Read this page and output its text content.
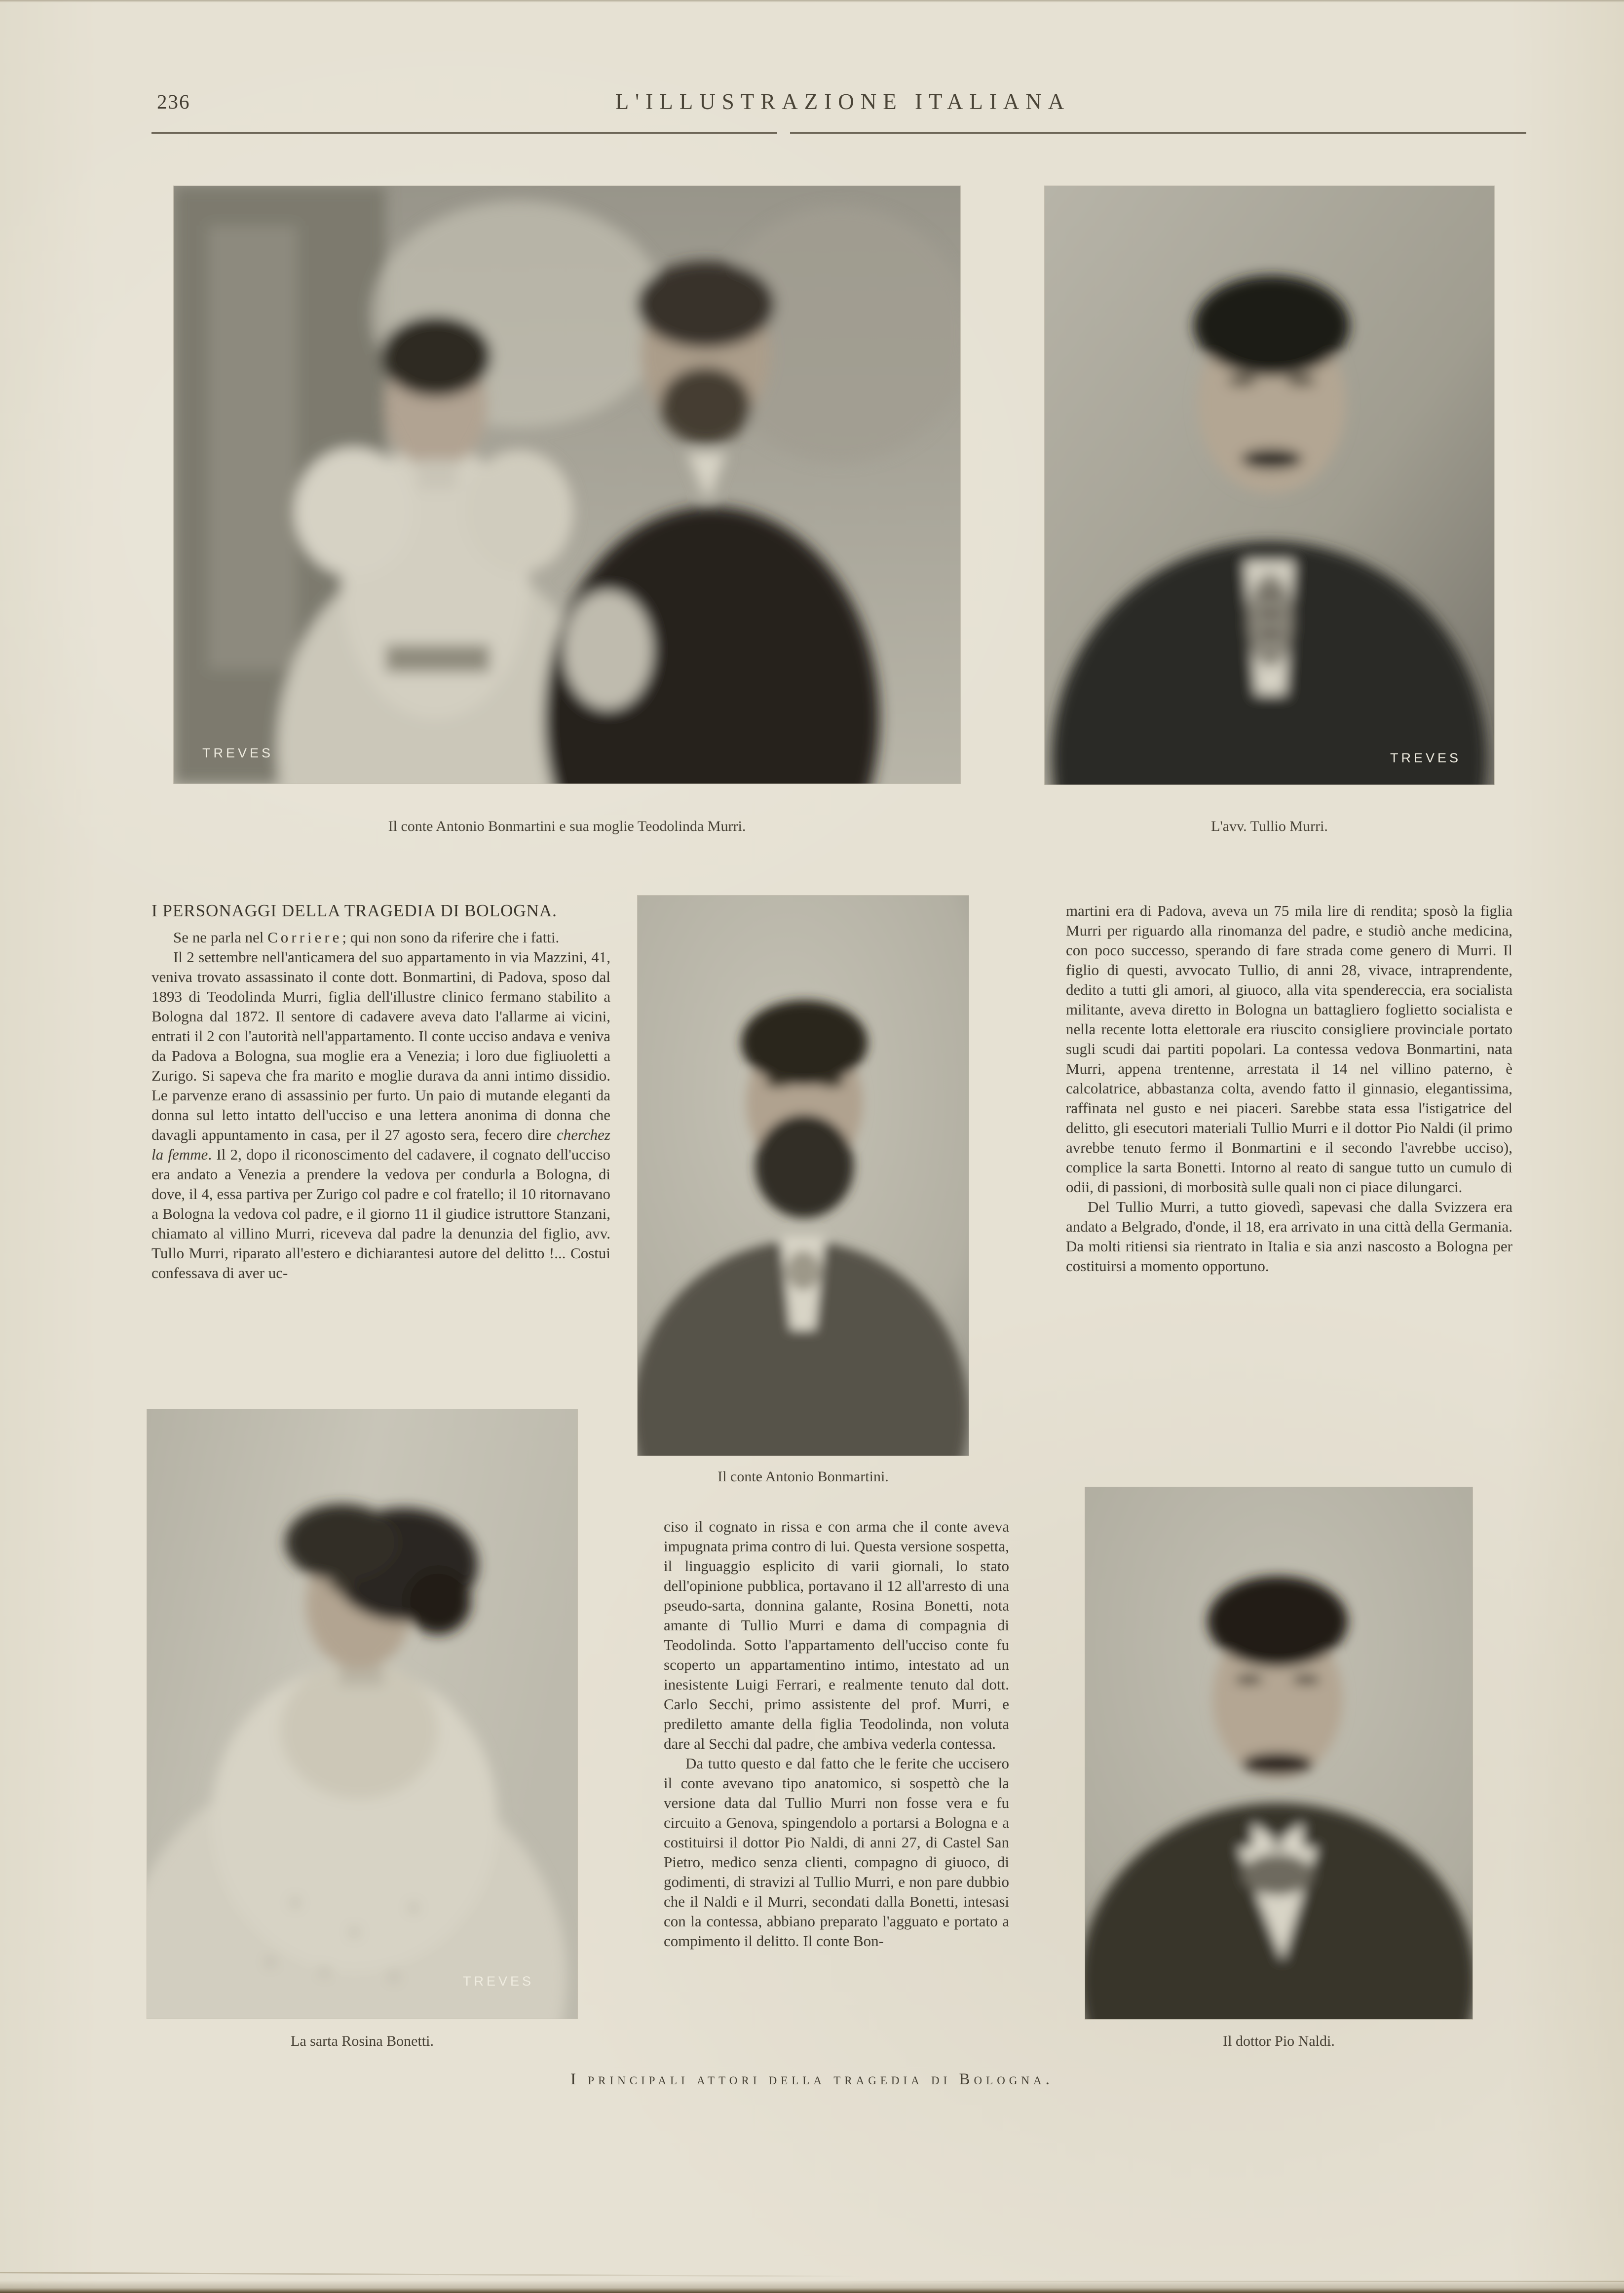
236	L'ILLUSTRAZIONE ITALIANA
TREVES
Il conte Antonio Bonmartini e sua moglie Teodolinda Murri.
TREVES
L'avv. Tullio Murri.
I PERSONAGGI DELLA TRAGEDIA DI BOLOGNA.

Se ne parla nel Corriere; qui non sono da riferire che i fatti.

Il 2 settembre nell'anticamera del suo appartamento in via Mazzini, 41, veniva trovato assassinato il conte dott. Bonmartini, di Padova, sposo dal 1893 di Teodolinda Murri, figlia dell'illustre clinico fermano stabilito a Bologna dal 1872. Il sentore di cadavere aveva dato l'allarme ai vicini, entrati il 2 con l'autorità nell'appartamento. Il conte ucciso andava e veniva da Padova a Bologna, sua moglie era a Venezia; i loro due figliuoletti a Zurigo. Si sapeva che fra marito e moglie durava da anni intimo dissidio. Le parvenze erano di assassinio per furto. Un paio di mutande eleganti da donna sul letto intatto dell'ucciso e una lettera anonima di donna che davagli appuntamento in casa, per il 27 agosto sera, fecero dire cherchez la femme. Il 2, dopo il riconoscimento del cadavere, il cognato dell'ucciso era andato a Venezia a prendere la vedova per condurla a Bologna, di dove, il 4, essa partiva per Zurigo col padre e col fratello; il 10 ritornavano a Bologna la vedova col padre, e il giorno 11 il giudice istruttore Stanzani, chiamato al villino Murri, riceveva dal padre la denunzia del figlio, avv. Tullo Murri, riparato all'estero e dichiarantesi autore del delitto !... Costui confessava di aver uc-

Il conte Antonio Bonmartini.

martini era di Padova, aveva un 75 mila lire di rendita; sposò la figlia Murri per riguardo alla rinomanza del padre, e studiò anche medicina, con poco successo, sperando di fare strada come genero di Murri. Il figlio di questi, avvocato Tullio, di anni 28, vivace, intraprendente, dedito a tutti gli amori, al giuoco, alla vita spendereccia, era socialista militante, aveva diretto in Bologna un battagliero foglietto socialista e nella recente lotta elettorale era riuscito consigliere provinciale portato sugli scudi dai partiti popolari. La contessa vedova Bonmartini, nata Murri, appena trentenne, arrestata il 14 nel villino paterno, è calcolatrice, abbastanza colta, avendo fatto il ginnasio, elegantissima, raffinata nel gusto e nei piaceri. Sarebbe stata essa l'istigatrice del delitto, gli esecutori materiali Tullio Murri e il dottor Pio Naldi (il primo avrebbe tenuto fermo il Bonmartini e il secondo l'avrebbe ucciso), complice la sarta Bonetti. Intorno al reato di sangue tutto un cumulo di odii, di passioni, di morbosità sulle quali non ci piace dilungarci.

Del Tullio Murri, a tutto giovedì, sapevasi che dalla Svizzera era andato a Belgrado, d'onde, il 18, era arrivato in una città della Germania. Da molti ritiensi sia rientrato in Italia e sia anzi nascosto a Bologna per costituirsi a momento opportuno.

TREVES
La sarta Rosina Bonetti.

ciso il cognato in rissa e con arma che il conte aveva impugnata prima contro di lui. Questa versione sospetta, il linguaggio esplicito di varii giornali, lo stato dell'opinione pubblica, portavano il 12 all'arresto di una pseudo-sarta, donnina galante, Rosina Bonetti, nota amante di Tullio Murri e dama di compagnia di Teodolinda. Sotto l'appartamento dell'ucciso conte fu scoperto un appartamentino intimo, intestato ad un inesistente Luigi Ferrari, e realmente tenuto dal dott. Carlo Secchi, primo assistente del prof. Murri, e prediletto amante della figlia Teodolinda, non voluta dare al Secchi dal padre, che ambiva vederla contessa.

Da tutto questo e dal fatto che le ferite che uccisero il conte avevano tipo anatomico, si sospettò che la versione data dal Tullio Murri non fosse vera e fu circuito a Genova, spingendolo a portarsi a Bologna e a costituirsi il dottor Pio Naldi, di anni 27, di Castel San Pietro, medico senza clienti, compagno di giuoco, di godimenti, di stravizi al Tullio Murri, e non pare dubbio che il Naldi e il Murri, secondati dalla Bonetti, intesasi con la contessa, abbiano preparato l'agguato e portato a compimento il delitto. Il conte Bon-

Il dottor Pio Naldi.
I principali attori della tragedia di Bologna.
